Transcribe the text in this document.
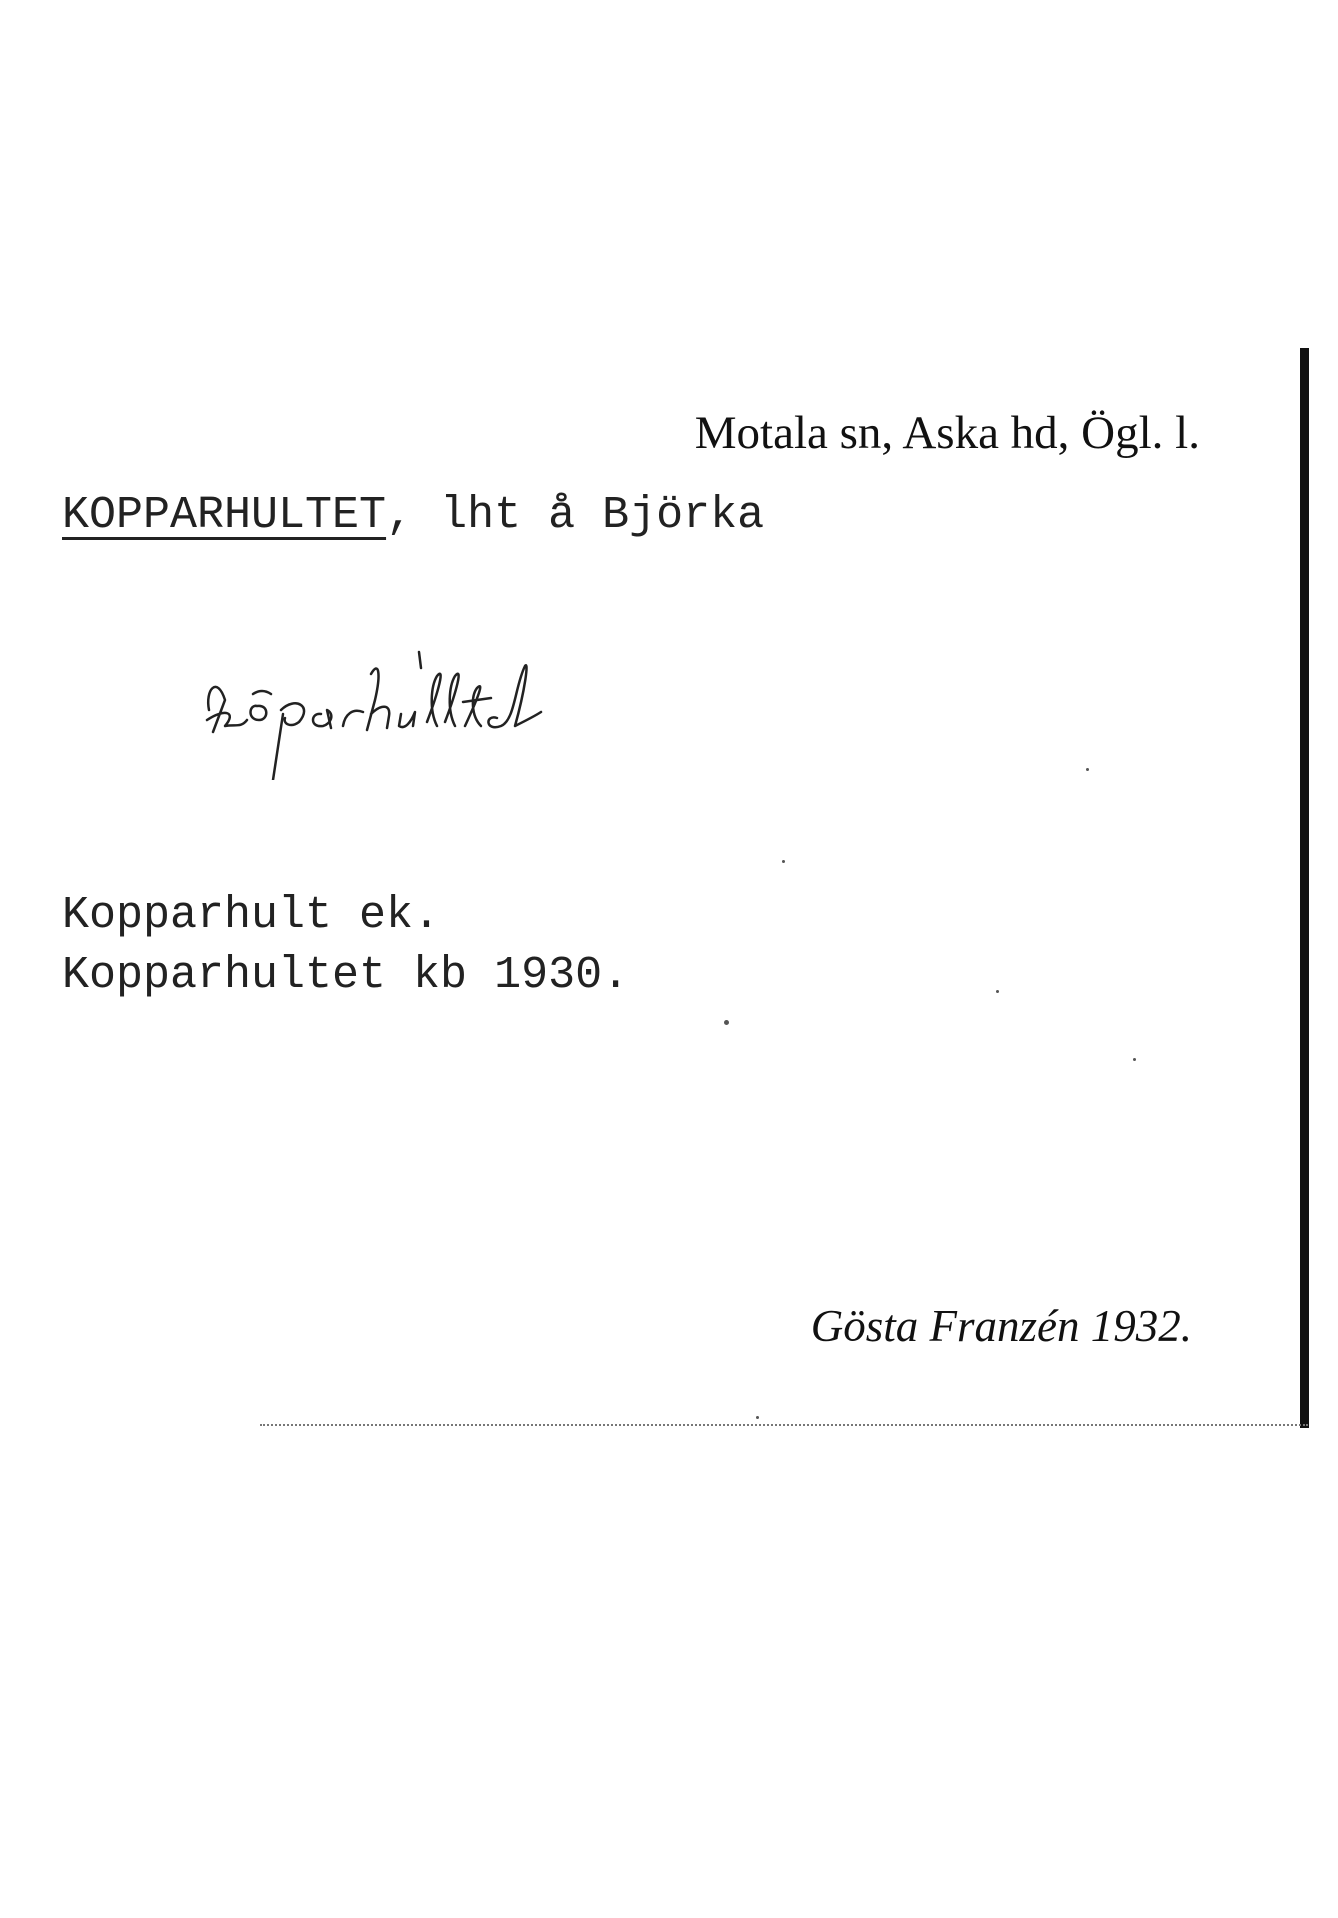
Motala sn, Aska hd, Ögl. l.
KOPPARHULTET, lht å Björka
Kopparhult ek.
Kopparhultet kb 1930.
Gösta Franzén 1932.
